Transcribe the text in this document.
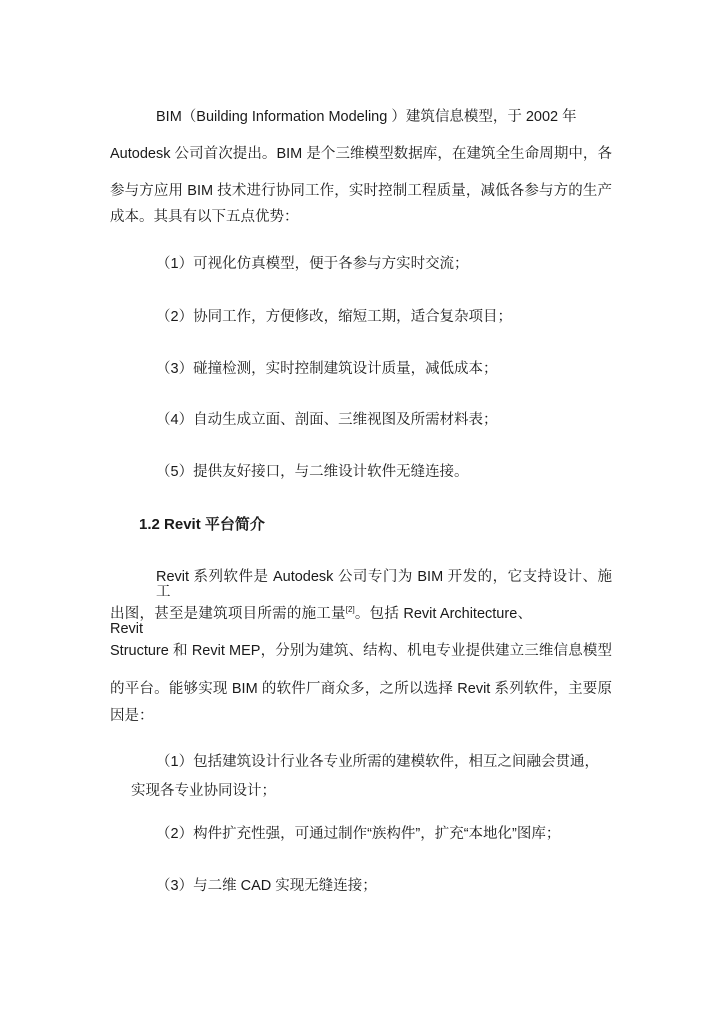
BIM（Building Information Modeling ）建筑信息模型，于 2002 年
Autodesk 公司首次提出。BIM 是个三维模型数据库，在建筑全生命周期中，各
参与方应用 BIM 技术进行协同工作，实时控制工程质量，减低各参与方的生产
成本。其具有以下五点优势：
（1）可视化仿真模型，便于各参与方实时交流；
（2）协同工作，方便修改，缩短工期，适合复杂项目；
（3）碰撞检测，实时控制建筑设计质量，减低成本；
（4）自动生成立面、剖面、三维视图及所需材料表；
（5）提供友好接口，与二维设计软件无缝连接。
1.2 Revit 平台简介
Revit 系列软件是 Autodesk 公司专门为 BIM 开发的，它支持设计、施工
出图，甚至是建筑项目所需的施工量[2]。包括 Revit Architecture、Revit
Structure 和 Revit MEP，分别为建筑、结构、机电专业提供建立三维信息模型
的平台。能够实现 BIM 的软件厂商众多，之所以选择 Revit 系列软件，主要原
因是：
（1）包括建筑设计行业各专业所需的建模软件，相互之间融会贯通，
实现各专业协同设计；
（2）构件扩充性强，可通过制作“族构件”，扩充“本地化”图库；
（3）与二维 CAD 实现无缝连接；
